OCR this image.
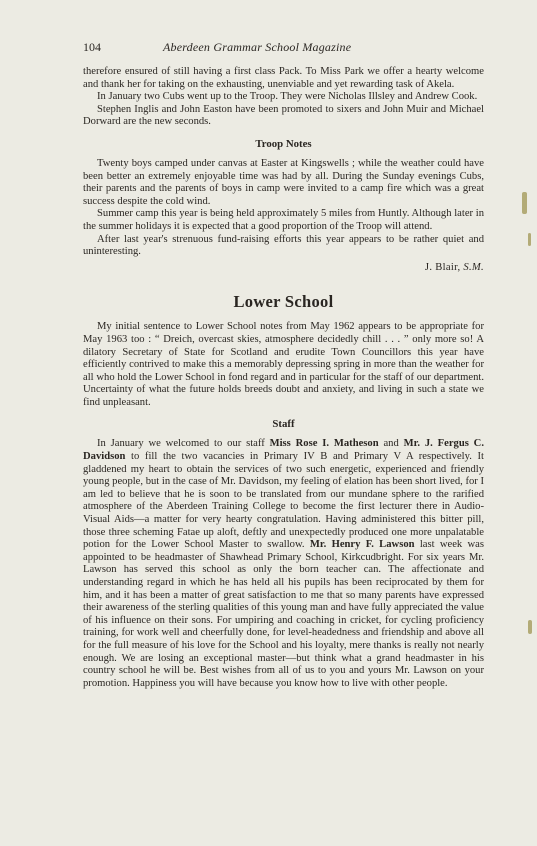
104	Aberdeen Grammar School Magazine

therefore ensured of still having a first class Pack. To Miss Park we offer a hearty welcome and thank her for taking on the exhausting, unenviable and yet rewarding task of Akela.

In January two Cubs went up to the Troop. They were Nicholas Illsley and Andrew Cook.

Stephen Inglis and John Easton have been promoted to sixers and John Muir and Michael Dorward are the new seconds.

Troop Notes

Twenty boys camped under canvas at Easter at Kingswells ; while the weather could have been better an extremely enjoyable time was had by all. During the Sunday evenings Cubs, their parents and the parents of boys in camp were invited to a camp fire which was a great success despite the cold wind.

Summer camp this year is being held approximately 5 miles from Huntly. Although later in the summer holidays it is expected that a good proportion of the Troop will attend.

After last year's strenuous fund-raising efforts this year appears to be rather quiet and uninteresting.

J. Blair, S.M.
Lower School

My initial sentence to Lower School notes from May 1962 appears to be appropriate for May 1963 too : “ Dreich, overcast skies, atmosphere decidedly chill . . . ” only more so! A dilatory Secretary of State for Scotland and erudite Town Councillors this year have efficiently contrived to make this a memorably depressing spring in more than the weather for all who hold the Lower School in fond regard and in particular for the staff of our department. Uncertainty of what the future holds breeds doubt and anxiety, and living in such a state we find unpleasant.

Staff

In January we welcomed to our staff Miss Rose I. Matheson and Mr. J. Fergus C. Davidson to fill the two vacancies in Primary IV B and Primary V A respectively. It gladdened my heart to obtain the services of two such energetic, experienced and friendly young people, but in the case of Mr. Davidson, my feeling of elation has been short lived, for I am led to believe that he is soon to be translated from our mundane sphere to the rarified atmosphere of the Aberdeen Training College to become the first lecturer there in Audio-Visual Aids—a matter for very hearty congratulation. Having administered this bitter pill, those three scheming Fatae up aloft, deftly and unexpectedly produced one more unpalatable potion for the Lower School Master to swallow. Mr. Henry F. Lawson last week was appointed to be headmaster of Shawhead Primary School, Kirkcudbright. For six years Mr. Lawson has served this school as only the born teacher can. The affectionate and understanding regard in which he has held all his pupils has been reciprocated by them for him, and it has been a matter of great satisfaction to me that so many parents have expressed their awareness of the sterling qualities of this young man and have fully appreciated the value of his influence on their sons. For umpiring and coaching in cricket, for cycling proficiency training, for work well and cheerfully done, for level-headedness and friendship and above all for the full measure of his love for the School and his loyalty, mere thanks is really not nearly enough. We are losing an exceptional master—but think what a grand headmaster in his country school he will be. Best wishes from all of us to you and yours Mr. Lawson on your promotion. Happiness you will have because you know how to live with other people.
